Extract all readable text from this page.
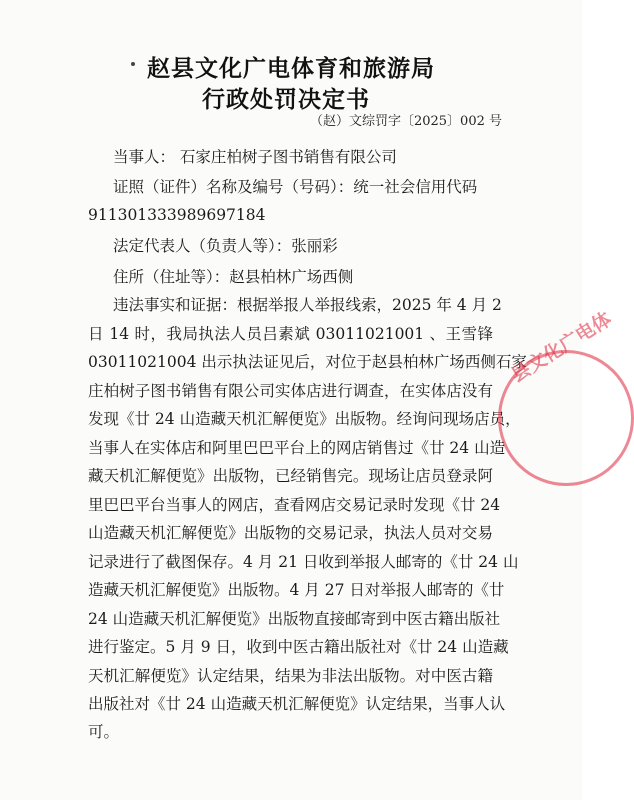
赵县文化广电体育和旅游局
行政处罚决定书
（赵）文综罚字〔2025〕002 号
当事人： 石家庄柏树子图书销售有限公司
证照（证件）名称及编号（号码）：统一社会信用代码
911301333989697184
法定代表人（负责人等）：张丽彩
住所（住址等）：赵县柏林广场西侧
违法事实和证据：根据举报人举报线索，2025 年 4 月 2
日 14 时，我局执法人员吕素斌 03011021001 、王雪锋
03011021004 出示执法证见后，对位于赵县柏林广场西侧石家
庄柏树子图书销售有限公司实体店进行调查，在实体店没有
发现《廿 24 山造藏天机汇解便览》出版物。经询问现场店员，
当事人在实体店和阿里巴巴平台上的网店销售过《廿 24 山造
藏天机汇解便览》出版物，已经销售完。现场让店员登录阿
里巴巴平台当事人的网店，查看网店交易记录时发现《廿 24
山造藏天机汇解便览》出版物的交易记录，执法人员对交易
记录进行了截图保存。4 月 21 日收到举报人邮寄的《廿 24 山
造藏天机汇解便览》出版物。4 月 27 日对举报人邮寄的《廿
24 山造藏天机汇解便览》出版物直接邮寄到中医古籍出版社
进行鉴定。5 月 9 日，收到中医古籍出版社对《廿 24 山造藏
天机汇解便览》认定结果，结果为非法出版物。对中医古籍
出版社对《廿 24 山造藏天机汇解便览》认定结果，当事人认
可。
县文化广电体
